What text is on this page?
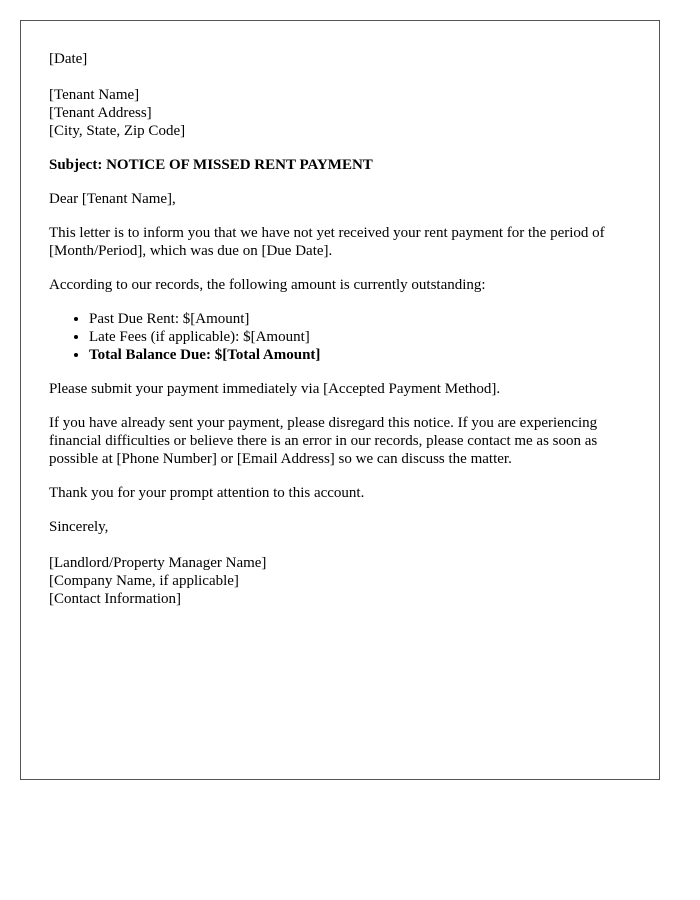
[Date]
[Tenant Name]
[Tenant Address]
[City, State, Zip Code]
Subject: NOTICE OF MISSED RENT PAYMENT

Dear [Tenant Name],

This letter is to inform you that we have not yet received your rent payment for the period of [Month/Period], which was due on [Due Date].

According to our records, the following amount is currently outstanding:

• Past Due Rent: $[Amount]
• Late Fees (if applicable): $[Amount]
• Total Balance Due: $[Total Amount]

Please submit your payment immediately via [Accepted Payment Method].

If you have already sent your payment, please disregard this notice. If you are experiencing financial difficulties or believe there is an error in our records, please contact me as soon as possible at [Phone Number] or [Email Address] so we can discuss the matter.

Thank you for your prompt attention to this account.

Sincerely,

[Landlord/Property Manager Name]
[Company Name, if applicable]
[Contact Information]
